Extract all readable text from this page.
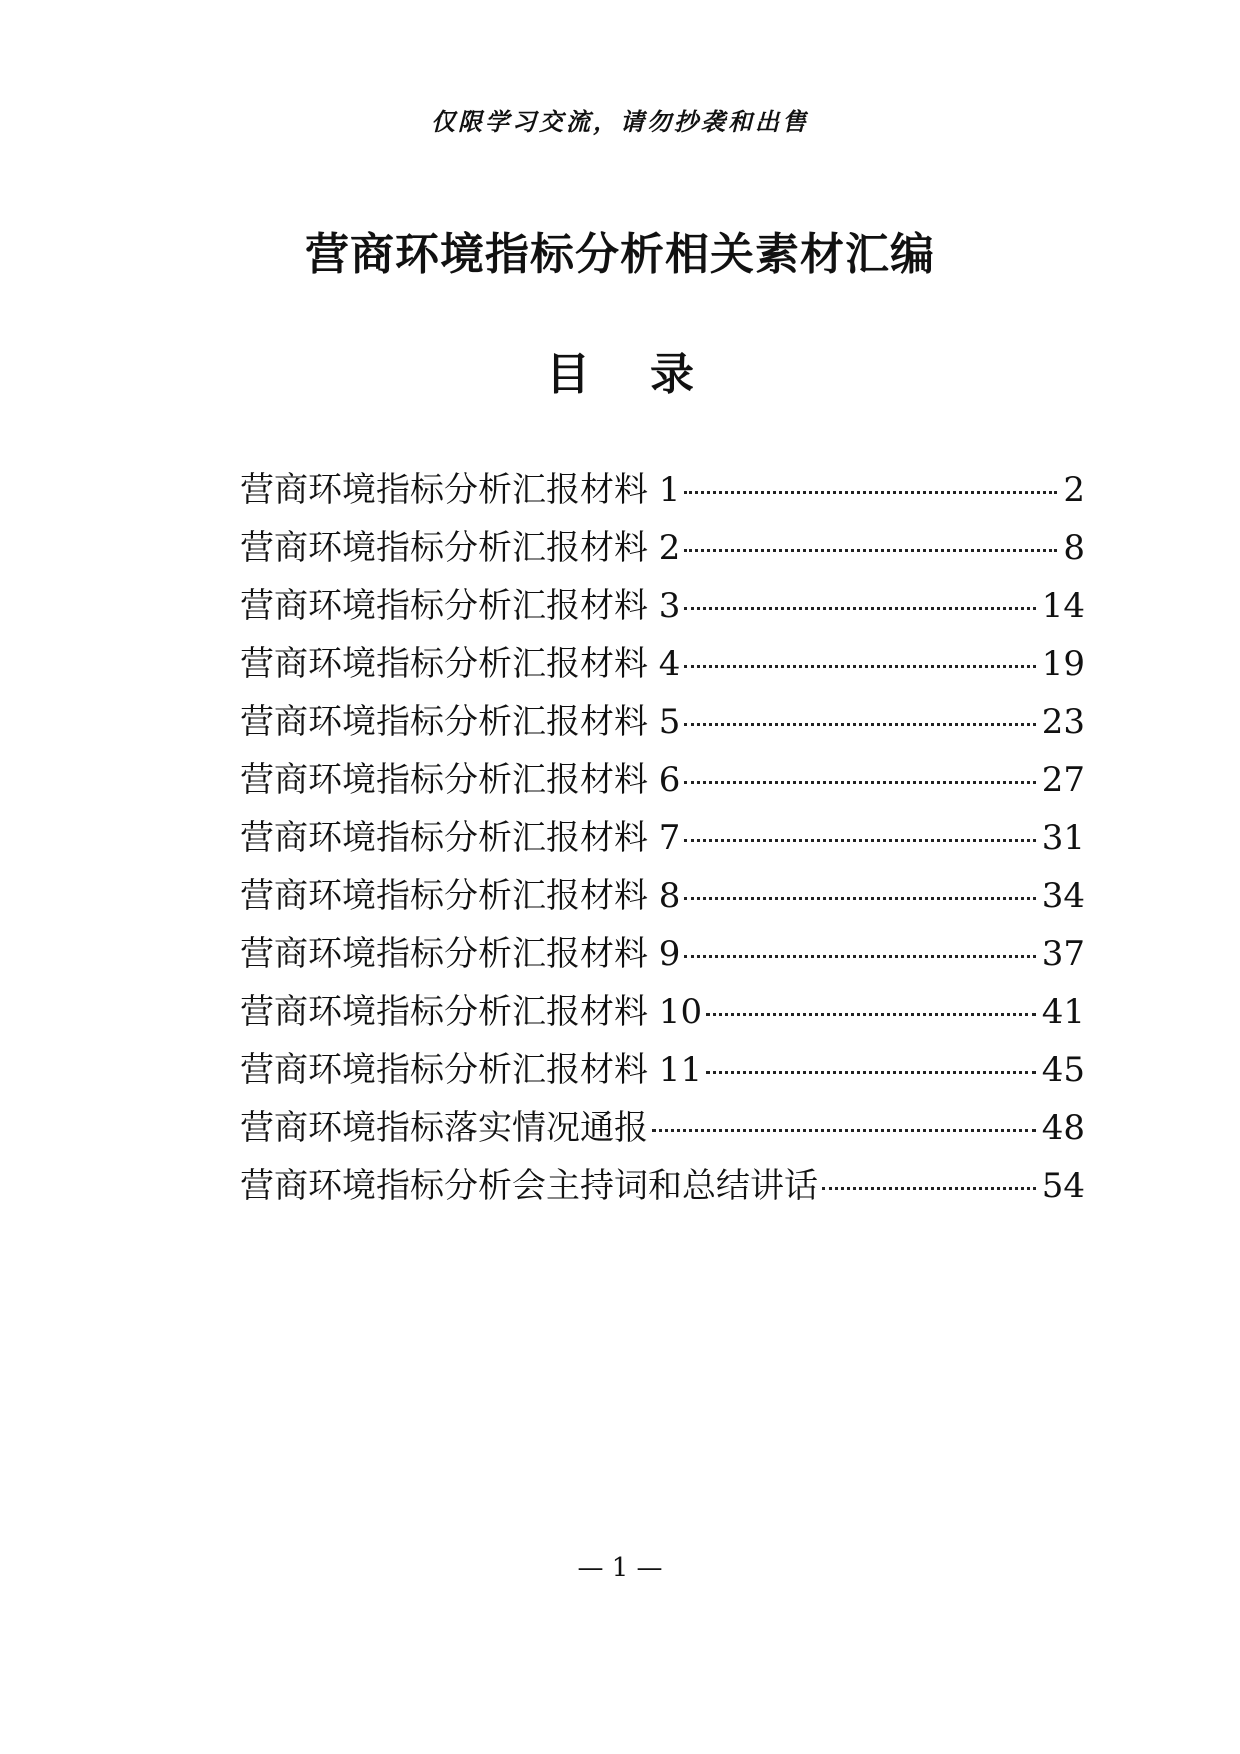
仅限学习交流，请勿抄袭和出售
营商环境指标分析相关素材汇编
目 录
营商环境指标分析汇报材料 1	2
营商环境指标分析汇报材料 2	8
营商环境指标分析汇报材料 3	14
营商环境指标分析汇报材料 4	19
营商环境指标分析汇报材料 5	23
营商环境指标分析汇报材料 6	27
营商环境指标分析汇报材料 7	31
营商环境指标分析汇报材料 8	34
营商环境指标分析汇报材料 9	37
营商环境指标分析汇报材料 10	41
营商环境指标分析汇报材料 11	45
营商环境指标落实情况通报	48
营商环境指标分析会主持词和总结讲话	54
— 1 —
